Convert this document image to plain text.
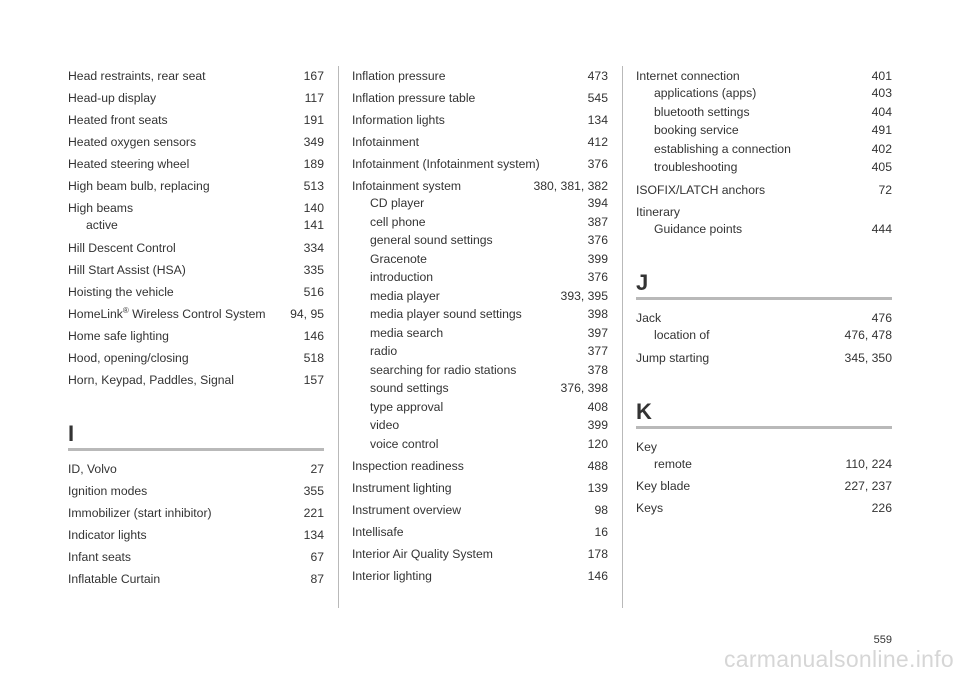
Head restraints, rear seat	167
Head-up display	117
Heated front seats	191
Heated oxygen sensors	349
Heated steering wheel	189
High beam bulb, replacing	513
High beams	140
active	141
Hill Descent Control	334
Hill Start Assist (HSA)	335
Hoisting the vehicle	516
HomeLink® Wireless Control System 94, 95
Home safe lighting	146
Hood, opening/closing	518
Horn, Keypad, Paddles, Signal	157
I
ID, Volvo	27
Ignition modes	355
Immobilizer (start inhibitor)	221
Indicator lights	134
Infant seats	67
Inflatable Curtain	87
Inflation pressure	473
Inflation pressure table	545
Information lights	134
Infotainment	412
Infotainment (Infotainment system)	376
Infotainment system	380, 381, 382
CD player	394
cell phone	387
general sound settings	376
Gracenote	399
introduction	376
media player	393, 395
media player sound settings	398
media search	397
radio	377
searching for radio stations	378
sound settings	376, 398
type approval	408
video	399
voice control	120
Inspection readiness	488
Instrument lighting	139
Instrument overview	98
Intellisafe	16
Interior Air Quality System	178
Interior lighting	146
Internet connection	401
applications (apps)	403
bluetooth settings	404
booking service	491
establishing a connection	402
troubleshooting	405
ISOFIX/LATCH anchors	72
Itinerary
Guidance points	444
J
Jack	476
location of	476, 478
Jump starting	345, 350
K
Key
remote	110, 224
Key blade	227, 237
Keys	226
559
carmanualsonline.info
